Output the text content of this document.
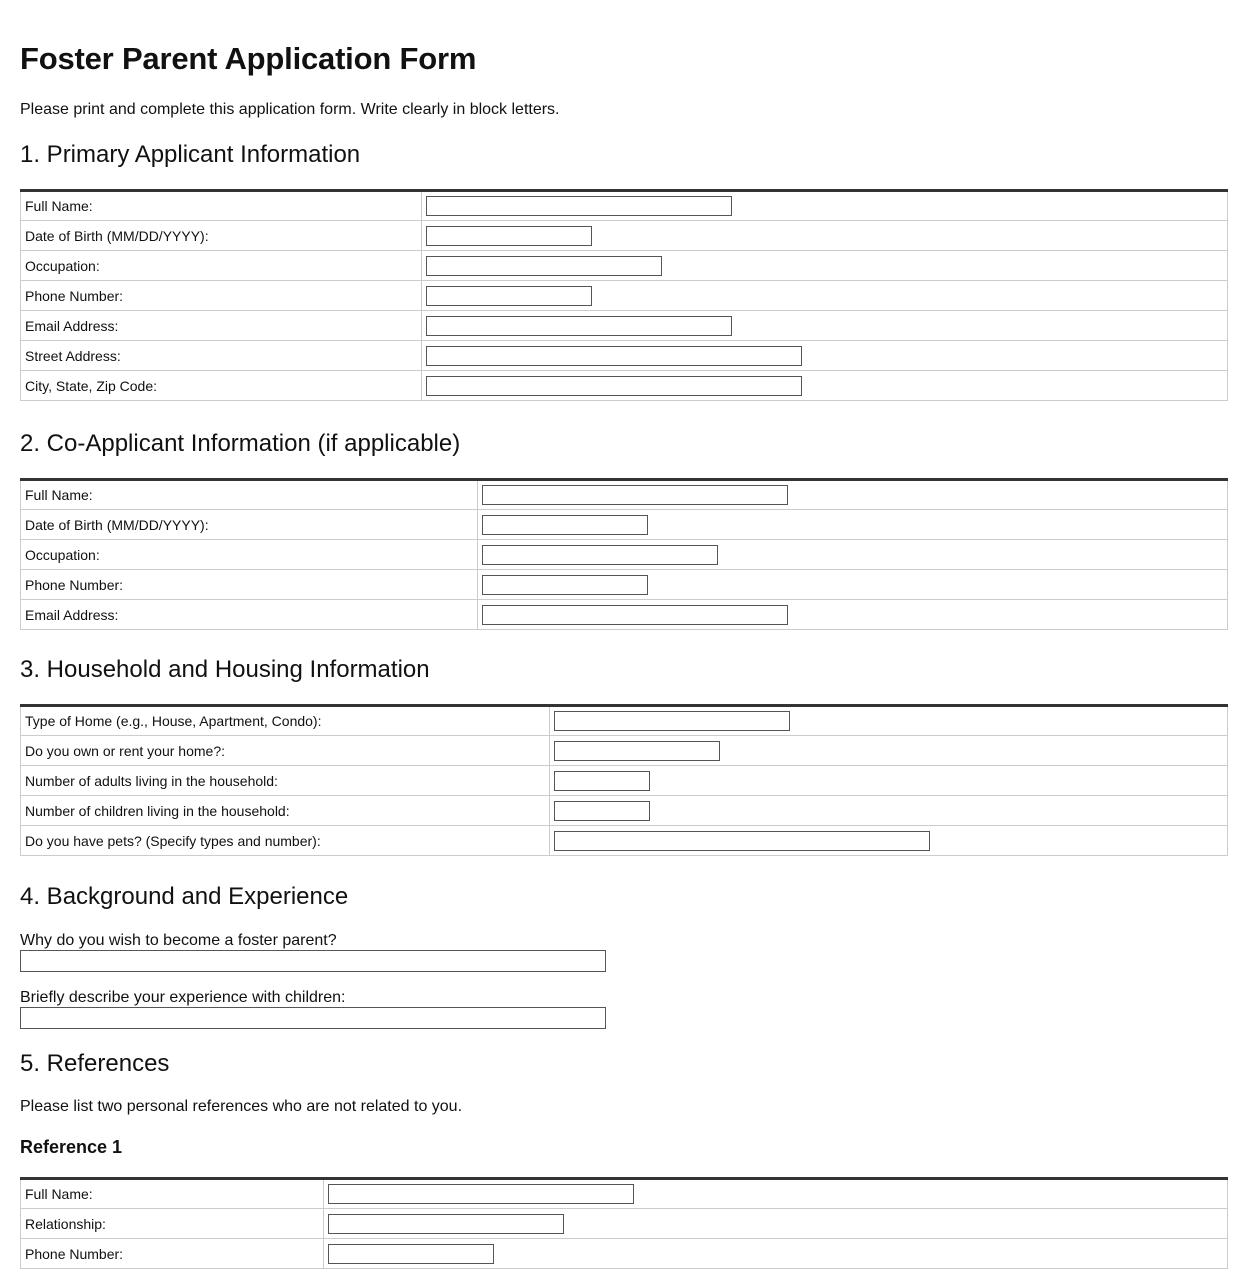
Foster Parent Application Form

Please print and complete this application form. Write clearly in block letters.

1. Primary Applicant Information
Full Name:	

Date of Birth (MM/DD/YYYY):	

Occupation:	

Phone Number:	

Email Address:	

Street Address:	

City, State, Zip Code:	
2. Co-Applicant Information (if applicable)
Full Name:	

Date of Birth (MM/DD/YYYY):	

Occupation:	

Phone Number:	

Email Address:	
3. Household and Housing Information
Type of Home (e.g., House, Apartment, Condo):	

Do you own or rent your home?:	

Number of adults living in the household:	

Number of children living in the household:	

Do you have pets? (Specify types and number):	
4. Background and Experience

Why do you wish to become a foster parent?

Briefly describe your experience with children:

5. References

Please list two personal references who are not related to you.

Reference 1
Full Name:	

Relationship:	

Phone Number:	
